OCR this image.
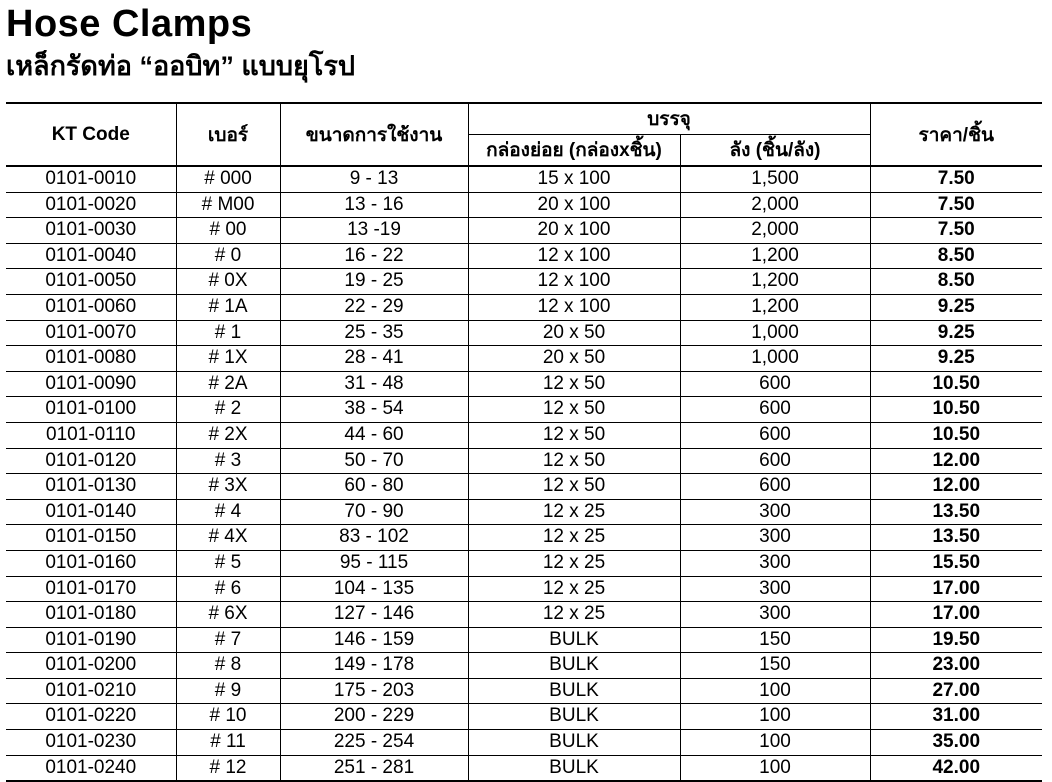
Hose Clamps
เหล็กรัดท่อ “ออบิท” แบบยุโรป
KT Code	เบอร์	ขนาดการใช้งาน	บรรจุ		ราคา/ชิ้น
			กล่องย่อย (กล่องxชิ้น)	ลัง (ชิ้น/ลัง)	
0101-0010	# 000	9 - 13	15 x 100	1,500	7.50
0101-0020	# M00	13 - 16	20 x 100	2,000	7.50
0101-0030	# 00	13 -19	20 x 100	2,000	7.50
0101-0040	# 0	16 - 22	12 x 100	1,200	8.50
0101-0050	# 0X	19 - 25	12 x 100	1,200	8.50
0101-0060	# 1A	22 - 29	12 x 100	1,200	9.25
0101-0070	# 1	25 - 35	20 x 50	1,000	9.25
0101-0080	# 1X	28 - 41	20 x 50	1,000	9.25
0101-0090	# 2A	31 - 48	12 x 50	600	10.50
0101-0100	# 2	38 - 54	12 x 50	600	10.50
0101-0110	# 2X	44 - 60	12 x 50	600	10.50
0101-0120	# 3	50 - 70	12 x 50	600	12.00
0101-0130	# 3X	60 - 80	12 x 50	600	12.00
0101-0140	# 4	70 - 90	12 x 25	300	13.50
0101-0150	# 4X	83 - 102	12 x 25	300	13.50
0101-0160	# 5	95 - 115	12 x 25	300	15.50
0101-0170	# 6	104 - 135	12 x 25	300	17.00
0101-0180	# 6X	127 - 146	12 x 25	300	17.00
0101-0190	# 7	146 - 159	BULK	150	19.50
0101-0200	# 8	149 - 178	BULK	150	23.00
0101-0210	# 9	175 - 203	BULK	100	27.00
0101-0220	# 10	200 - 229	BULK	100	31.00
0101-0230	# 11	225 - 254	BULK	100	35.00
0101-0240	# 12	251 - 281	BULK	100	42.00
